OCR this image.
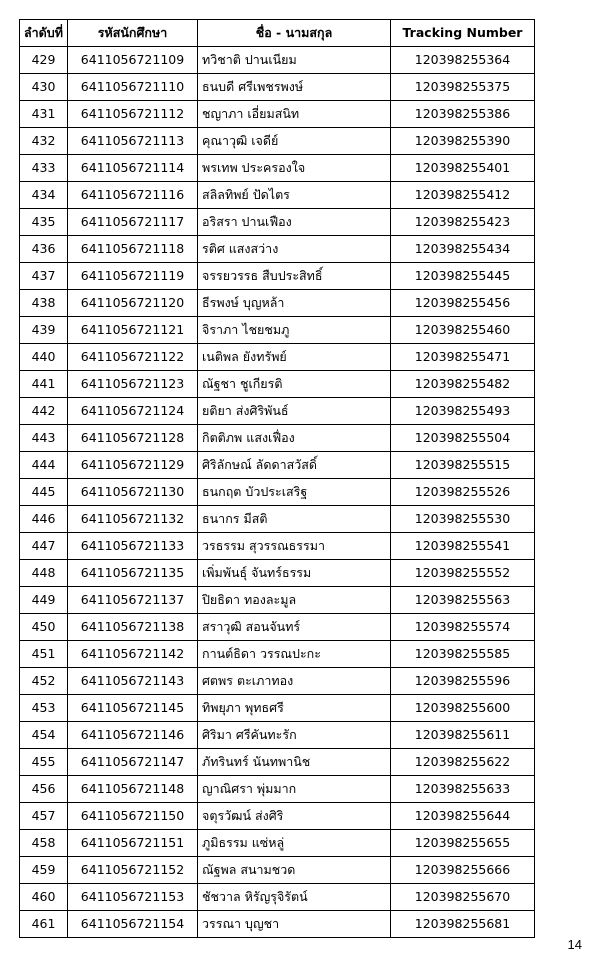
ลำดับที่	รหัสนักศึกษา	ชื่อ - นามสกุล	Tracking Number
429	6411056721109	ทวิชาติ ปานเนียม	120398255364
430	6411056721110	ธนบดี ศรีเพชรพงษ์	120398255375
431	6411056721112	ชญาภา เอี่ยมสนิท	120398255386
432	6411056721113	คุณาวุฒิ เจดีย์	120398255390
433	6411056721114	พรเทพ ประครองใจ	120398255401
434	6411056721116	สลิลทิพย์ ปัดไตร	120398255412
435	6411056721117	อริสรา ปานเฟือง	120398255423
436	6411056721118	รติศ แสงสว่าง	120398255434
437	6411056721119	จรรยวรรธ สืบประสิทธิ์	120398255445
438	6411056721120	ธีรพงษ์ บุญหล้า	120398255456
439	6411056721121	จิราภา ไชยชมภู	120398255460
440	6411056721122	เนติพล ยังทรัพย์	120398255471
441	6411056721123	ณัฐชา ชูเกียรติ	120398255482
442	6411056721124	ยติยา ส่งศิริพันธ์	120398255493
443	6411056721128	กิตติภพ แสงเฟื่อง	120398255504
444	6411056721129	ศิริลักษณ์ ลัดดาสวัสดิ์	120398255515
445	6411056721130	ธนกฤต บัวประเสริฐ	120398255526
446	6411056721132	ธนากร มีสติ	120398255530
447	6411056721133	วรธรรม สุวรรณธรรมา	120398255541
448	6411056721135	เพิ่มพันธุ์ จันทร์ธรรม	120398255552
449	6411056721137	ปิยธิดา ทองละมูล	120398255563
450	6411056721138	สราวุฒิ สอนจันทร์	120398255574
451	6411056721142	กานต์ธิดา วรรณปะกะ	120398255585
452	6411056721143	ศตพร ตะเภาทอง	120398255596
453	6411056721145	ทิพยุภา พุทธศรี	120398255600
454	6411056721146	ศิริมา ศรีคันทะรัก	120398255611
455	6411056721147	ภัทรินทร์ นันทพานิช	120398255622
456	6411056721148	ญาณิศรา พุ่มมาก	120398255633
457	6411056721150	จตุรวัฒน์ ส่งศิริ	120398255644
458	6411056721151	ภูมิธรรม แซ่หลู่	120398255655
459	6411056721152	ณัฐพล สนามชวด	120398255666
460	6411056721153	ชัชวาล หิรัญรุจิรัตน์	120398255670
461	6411056721154	วรรณา บุญชา	120398255681
14
